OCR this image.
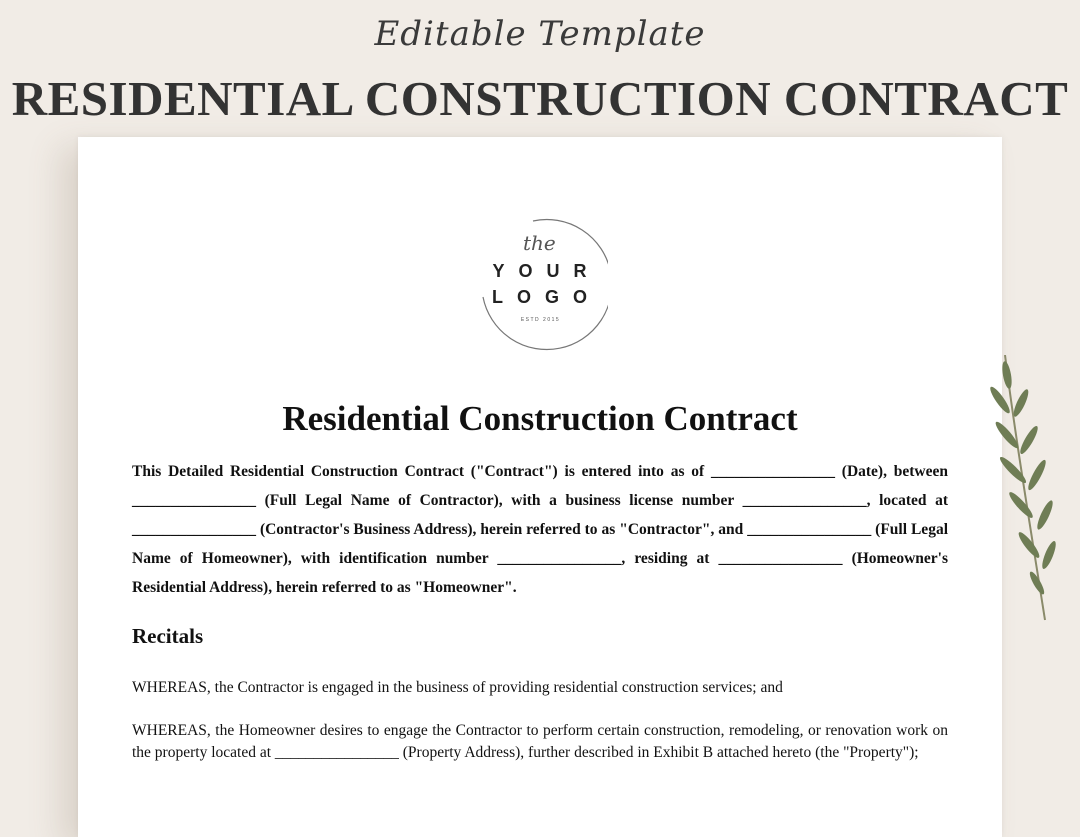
Editable Template
RESIDENTIAL CONSTRUCTION CONTRACT
the
YOUR
LOGO
ESTD 2015
Residential Construction Contract
This Detailed Residential Construction Contract ("Contract") is entered into as of ________________ (Date), between ________________ (Full Legal Name of Contractor), with a business license number ________________, located at ________________ (Contractor's Business Address), herein referred to as "Contractor", and ________________ (Full Legal Name of Homeowner), with identification number ________________, residing at ________________ (Homeowner's Residential Address), herein referred to as "Homeowner".
Recitals
WHEREAS, the Contractor is engaged in the business of providing residential construction services; and
WHEREAS, the Homeowner desires to engage the Contractor to perform certain construction, remodeling, or renovation work on the property located at ________________ (Property Address), further described in Exhibit B attached hereto (the "Property");
